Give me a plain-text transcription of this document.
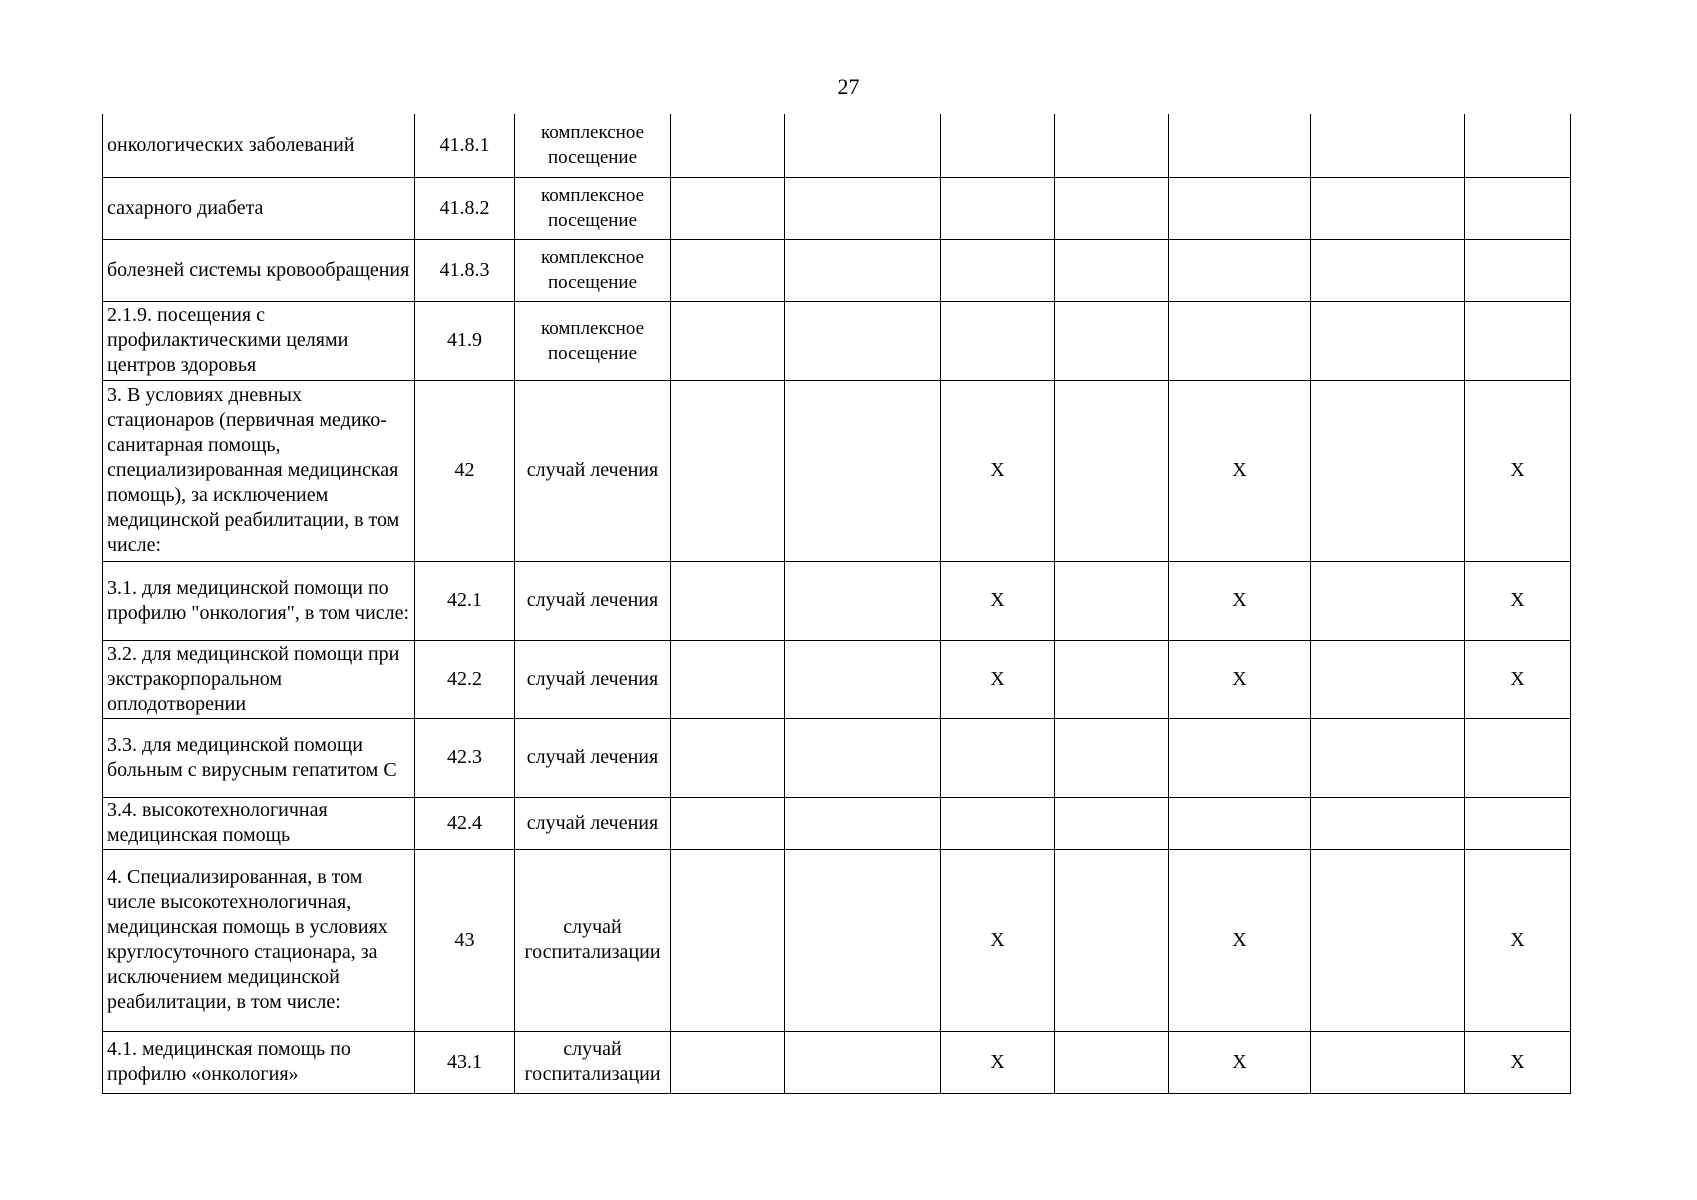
27
онкологических заболеваний	41.8.1	комплексное посещение							
сахарного диабета	41.8.2	комплексное посещение							
болезней системы кровообращения	41.8.3	комплексное посещение							
2.1.9. посещения с профилактическими целями центров здоровья	41.9	комплексное посещение							
3. В условиях дневных стационаров (первичная медико-санитарная помощь, специализированная медицинская помощь), за исключением медицинской реабилитации, в том числе:	42	случай лечения			X		X		X
3.1. для медицинской помощи по профилю "онкология", в том числе:	42.1	случай лечения			X		X		X
3.2. для медицинской помощи при экстракорпоральном оплодотворении	42.2	случай лечения			X		X		X
3.3. для медицинской помощи больным с вирусным гепатитом С	42.3	случай лечения							
3.4. высокотехнологичная медицинская помощь	42.4	случай лечения							
4. Специализированная, в том числе высокотехнологичная, медицинская помощь в условиях круглосуточного стационара, за исключением медицинской реабилитации, в том числе:	43	случай госпитализации			X		X		X
4.1. медицинская помощь по профилю «онкология»	43.1	случай госпитализации			X		X		X
